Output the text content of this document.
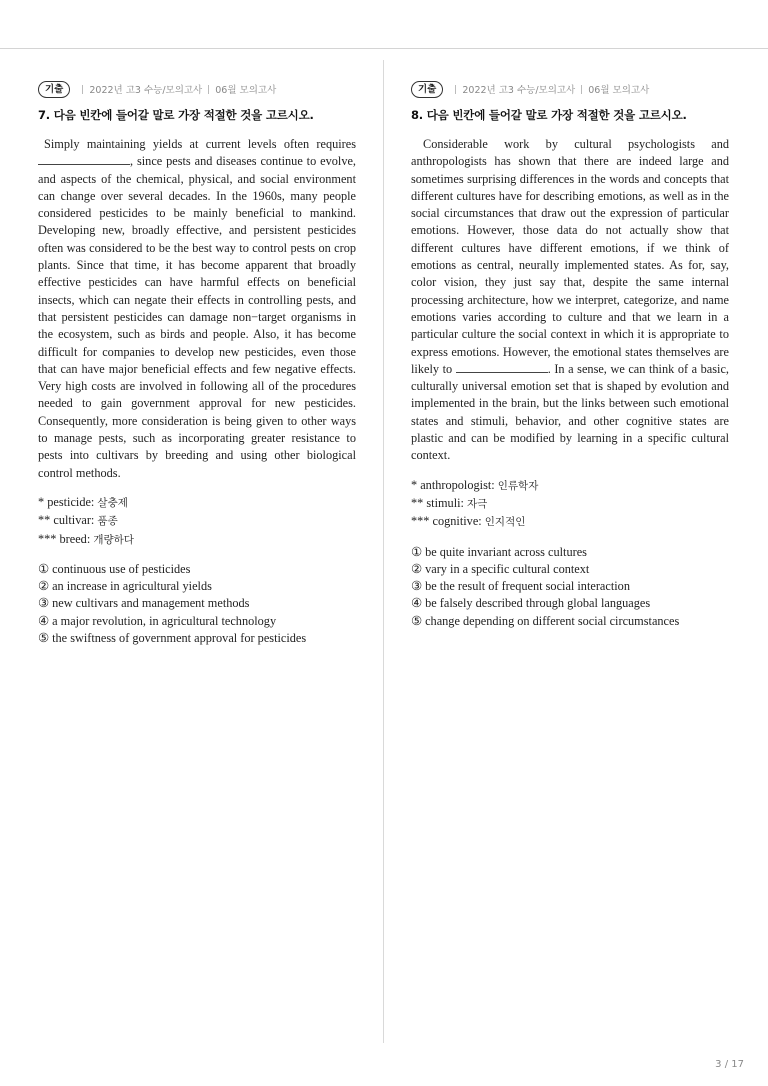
기출	2022년 고3 수능/모의고사 06월 모의고사
7. 다음 빈칸에 들어갈 말로 가장 적절한 것을 고르시오.

Simply maintaining yields at current levels often requires , since pests and diseases continue to evolve, and aspects of the chemical, physical, and social environment can change over several decades. In the 1960s, many people considered pesticides to be mainly beneficial to mankind. Developing new, broadly effective, and persistent pesticides often was considered to be the best way to control pests on crop plants. Since that time, it has become apparent that broadly effective pesticides can have harmful effects on beneficial insects, which can negate their effects in controlling pests, and that persistent pesticides can damage non−target organisms in the ecosystem, such as birds and people. Also, it has become difficult for companies to develop new pesticides, even those that can have major beneficial effects and few negative effects. Very high costs are involved in following all of the procedures needed to gain government approval for new pesticides. Consequently, more consideration is being given to other ways to manage pests, such as incorporating greater resistance to pests into cultivars by breeding and using other biological control methods.

* pesticide: 살충제
** cultivar: 품종
*** breed: 개량하다
① continuous use of pesticides
② an increase in agricultural yields
③ new cultivars and management methods
④ a major revolution, in agricultural technology
⑤ the swiftness of government approval for pesticides
기출	2022년 고3 수능/모의고사 06월 모의고사
8. 다음 빈칸에 들어갈 말로 가장 적절한 것을 고르시오.

Considerable work by cultural psychologists and anthropologists has shown that there are indeed large and sometimes surprising differences in the words and concepts that different cultures have for describing emotions, as well as in the social circumstances that draw out the expression of particular emotions. However, those data do not actually show that different cultures have different emotions, if we think of emotions as central, neurally implemented states. As for, say, color vision, they just say that, despite the same internal processing architecture, how we interpret, categorize, and name emotions varies according to culture and that we learn in a particular culture the social context in which it is appropriate to express emotions. However, the emotional states themselves are likely to	. In a sense, we can think of a basic, culturally universal emotion set that is shaped by evolution and implemented in the brain, but the links between such emotional states and stimuli, behavior, and other cognitive states are plastic and can be modified by learning in a specific cultural context.

* anthropologist: 인류학자
** stimuli: 자극
*** cognitive: 인지적인
① be quite invariant across cultures
② vary in a specific cultural context
③ be the result of frequent social interaction
④ be falsely described through global languages
⑤ change depending on different social circumstances
3 / 17
